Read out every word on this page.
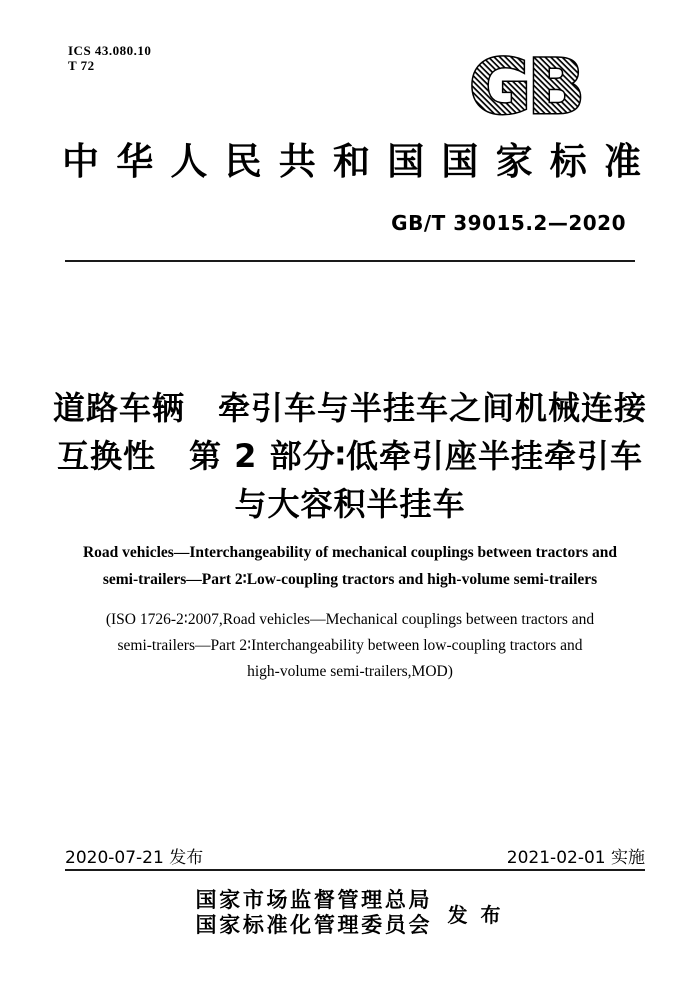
ICS 43.080.10
T 72	GB
中华人民共和国国家标准
GB/T 39015.2—2020
道路车辆　牵引车与半挂车之间机械连接
互换性　第 2 部分∶低牵引座半挂牵引车
与大容积半挂车
Road vehicles—Interchangeability of mechanical couplings between tractors and
semi-trailers—Part 2∶Low-coupling tractors and high-volume semi-trailers
(ISO 1726-2∶2007,Road vehicles—Mechanical couplings between tractors and
semi-trailers—Part 2∶Interchangeability between low-coupling tractors and
high-volume semi-trailers,MOD)
2020-07-21 发布	2021-02-01 实施
国家市场监督管理总局
国家标准化管理委员会 发 布
